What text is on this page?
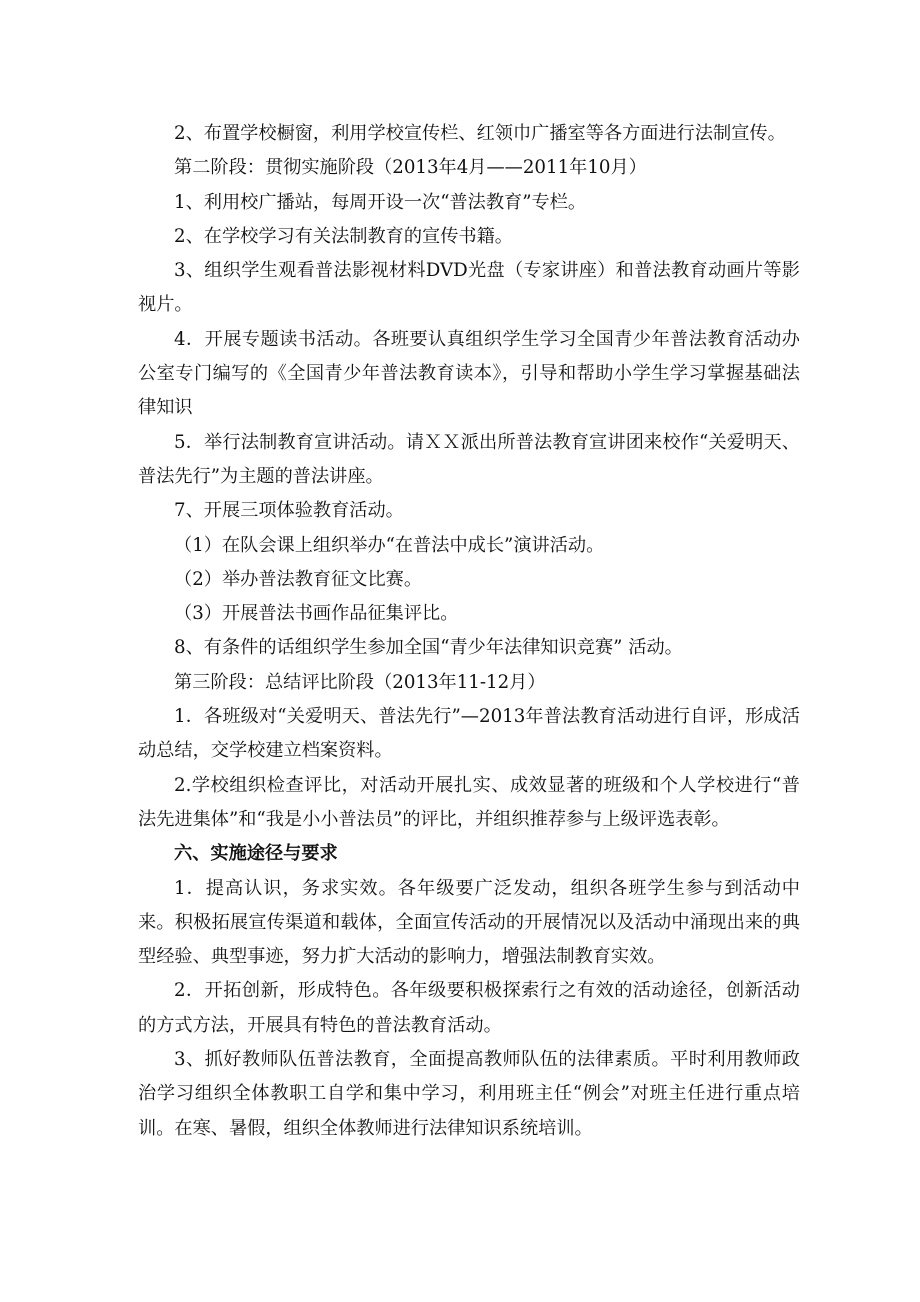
2、布置学校橱窗，利用学校宣传栏、红领巾广播室等各方面进行法制宣传。

第二阶段：贯彻实施阶段（2013年4月——2011年10月）

1、利用校广播站，每周开设一次“普法教育”专栏。

2、在学校学习有关法制教育的宣传书籍。

3、组织学生观看普法影视材料DVD光盘（专家讲座）和普法教育动画片等影视片。

4．开展专题读书活动。各班要认真组织学生学习全国青少年普法教育活动办公室专门编写的《全国青少年普法教育读本》，引导和帮助小学生学习掌握基础法律知识

5．举行法制教育宣讲活动。请ＸＸ派出所普法教育宣讲团来校作“关爱明天、普法先行”为主题的普法讲座。

7、开展三项体验教育活动。

（1）在队会课上组织举办“在普法中成长”演讲活动。

（2）举办普法教育征文比赛。

（3）开展普法书画作品征集评比。

8、有条件的话组织学生参加全国“青少年法律知识竞赛” 活动。

第三阶段：总结评比阶段（2013年11-12月）

1．各班级对“关爱明天、普法先行”—2013年普法教育活动进行自评，形成活动总结，交学校建立档案资料。

2.学校组织检查评比，对活动开展扎实、成效显著的班级和个人学校进行“普法先进集体”和“我是小小普法员”的评比，并组织推荐参与上级评选表彰。

六、实施途径与要求

1．提高认识，务求实效。各年级要广泛发动，组织各班学生参与到活动中来。积极拓展宣传渠道和载体，全面宣传活动的开展情况以及活动中涌现出来的典型经验、典型事迹，努力扩大活动的影响力，增强法制教育实效。

2．开拓创新，形成特色。各年级要积极探索行之有效的活动途径，创新活动的方式方法，开展具有特色的普法教育活动。

3、抓好教师队伍普法教育，全面提高教师队伍的法律素质。平时利用教师政治学习组织全体教职工自学和集中学习，利用班主任“例会”对班主任进行重点培训。在寒、暑假，组织全体教师进行法律知识系统培训。
